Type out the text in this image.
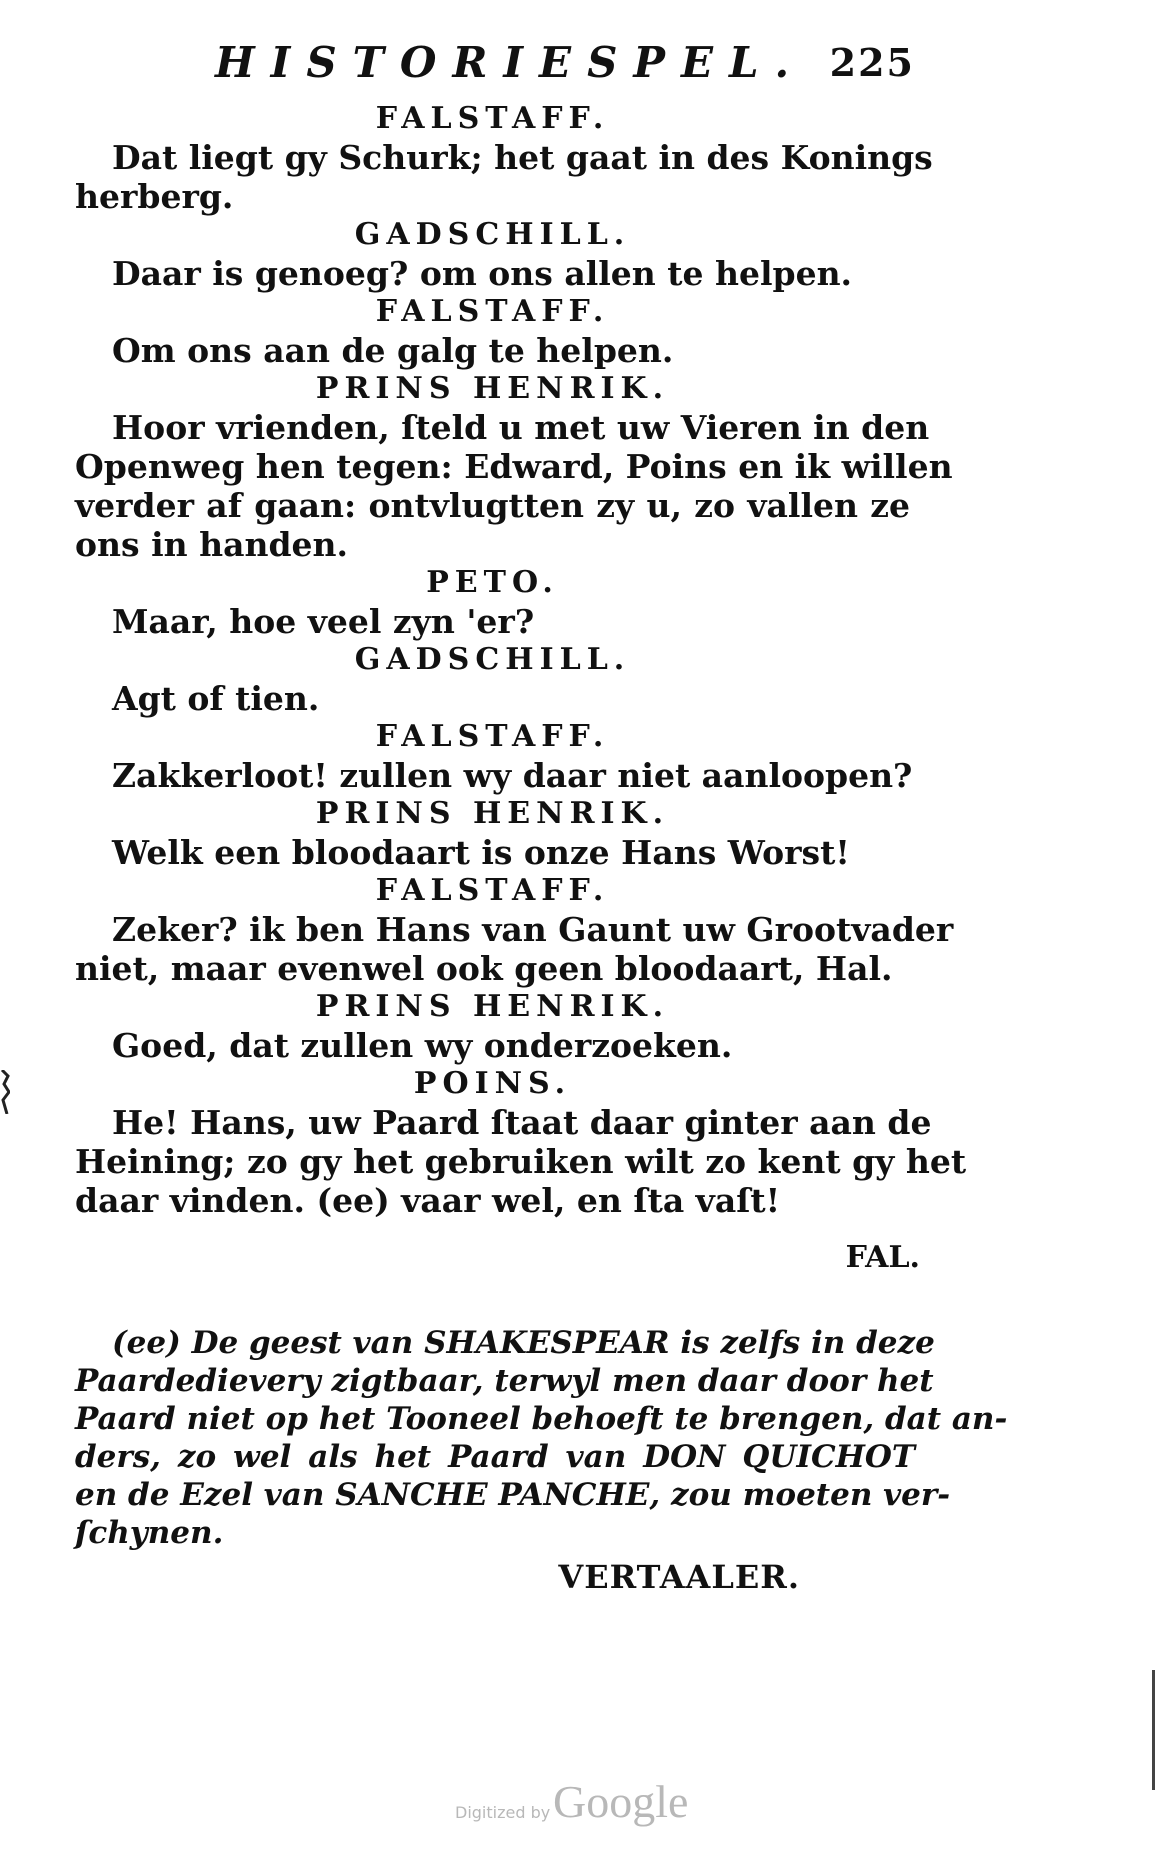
HISTORIESPEL. 225
FALSTAFF.
Dat liegt gy Schurk; het gaat in des Konings
herberg.
GADSCHILL.
Daar is genoeg? om ons allen te helpen.
FALSTAFF.
Om ons aan de galg te helpen.
PRINS HENRIK.
Hoor vrienden, ſteld u met uw Vieren in den
Openweg hen tegen: Edward, Poins en ik willen
verder af gaan: ontvlugtten zy u, zo vallen ze
ons in handen.
PETO.
Maar, hoe veel zyn 'er?
GADSCHILL.
Agt of tien.
FALSTAFF.
Zakkerloot! zullen wy daar niet aanloopen?
PRINS HENRIK.
Welk een bloodaart is onze Hans Worst!
FALSTAFF.
Zeker? ik ben Hans van Gaunt uw Grootvader
niet, maar evenwel ook geen bloodaart, Hal.
PRINS HENRIK.
Goed, dat zullen wy onderzoeken.
POINS.
He! Hans, uw Paard ſtaat daar ginter aan de
Heining; zo gy het gebruiken wilt zo kent gy het
daar vinden. (ee) vaar wel, en ſta vaſt!
FAL.
(ee) De geest van SHAKESPEAR is zelfs in deze
Paardedievery zigtbaar, terwyl men daar door het
Paard niet op het Tooneel behoeft te brengen, dat an-
ders, zo wel als het Paard van DON QUICHOT
en de Ezel van SANCHE PANCHE, zou moeten ver-
ſchynen.
VERTAALER.
Digitized by Google
